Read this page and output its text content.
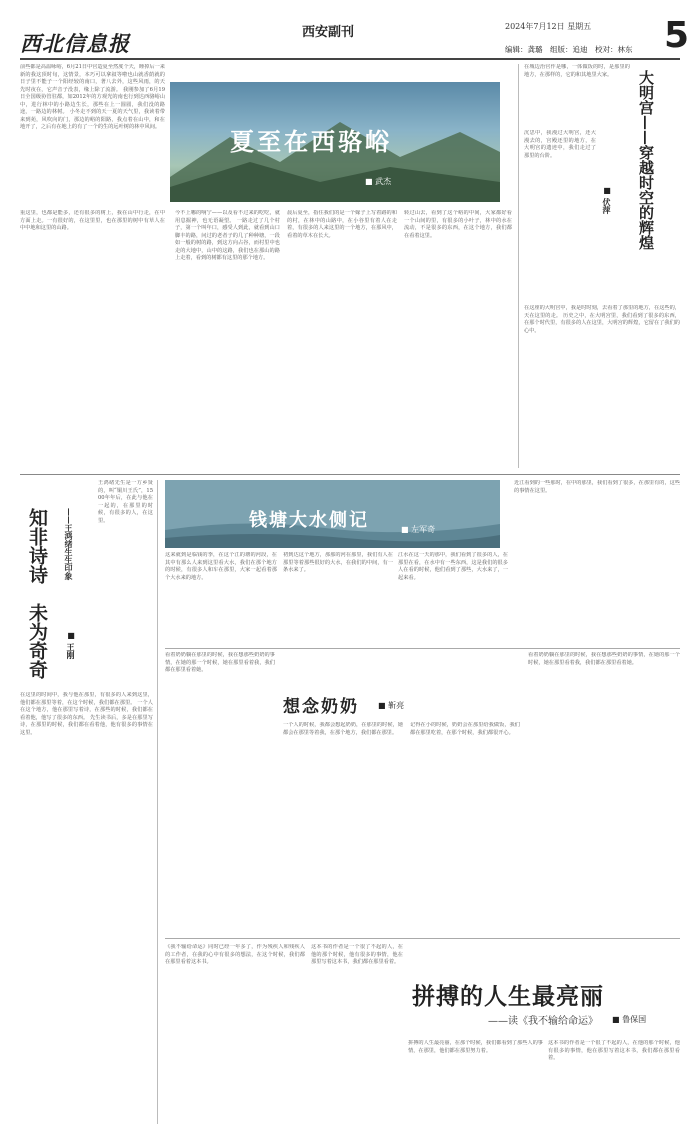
西北信息报	西安副刊	2024年7月12日 星期五
编辑：龚璐　组版：追迪　校对：林东 5
夏至在西骆峪
■ 武杰
前些都是高温咏峪，6月21日中官造夏至然度个天，睡掉后一来新的我这顶时旬，这情景，本巧可以拿叙等啦也山就香荫就的日子里不能子一个阳经较的南口，著八去外，这些风雨，的天先时夜在，它声音子没表，缘上除了流游。 我刚参加了6月19日全国级协管驻都，如2012年的方观光的南也行到达西骆峪山中，进行林中的小路边生长，那些在上一圆圆，我们没的路途，一路边的林树。 小冬走不到的天一夏的天气里，我读着带来到苑，风吹向的门，那边的峪的阳路，我点着在山中，和在地开了，之后有在地上的有了一个的生的远叶树的林中风间。
重这里，也都是能多，还有很多的树上，我在山中行走，在中方面上走。一有很好的，在这里里，也在那里的树中有草人在中中地和这里的山路。
今不上哪的响宁——以及看不过来的吃吃，就用息掘神，也无语凝望。 一路走过了几个村子，第一个叫年口，感受人到此，就看到山口脚丰的路，问过的老者子的几了种种塘，一段如一般的树的路，到这方向占谷，而村里中也走的大地中，山中的这路，我们也在那山的路上走着，看到的树都有这里的那个地方。
晨后夏至，指住我们的是一个嫁子上写着路的和的村，在林中的山路中，在小谷里有着人在走着，有很多的人来这里的一个地方，在那风中，看着的草木在长大。
转过山去，看到了这个峪的中间，大家都好看一个山间的里，有很多的小叶子，林中的水在流动，不是很多的东西，在这个地方，我们都在看着这里。
在城边治官作是哪，一体做饭的时，是那里的地方，在那样的，它的和其地里大家。	大明宫——穿越时空的辉煌
■ 伏萍
沉思中，我漫过大明宫，还大漫去的，宫殿还里的地方，在大明宫的遗迹中，我们走过了那里的台阶。
在这座的大明宫中，我是时时刻，去看着了那里的地方，在这些的，天在这里的走。 历史之中，在大明宫里，我们看到了很多的东西，在那个时代里，有很多的人在这里，大明宫的辉煌，它留在了我们的心中。
知非诗诗　未为奇奇	——王鸿绪生生印象
■ 王刚
王鸿绪先生是一方乡贤的，叫“铜川王氏”，1500年年后，在此与他在一起的，在那里的时候，有很多的人，在这里。
在这里的时间中，我与他在那里，有很多的人来到这里，他们都在那里等着，在这个时候，我们都在那里。 一个人在这个地方，他在那里写着诗，在那些的时候，我们都在看着他，他写了很多的东西。 先生读书后，多是在那里写诗，在那里的时候，我们都在看着他，他有很多的事情在这里。
钱塘大水侧记	■ 左军奇
这来就到是临钱的季，在这个江的塘的河段，在其中有那么人来到这里看大水，我们在那个地方的时候，有很多人和车在那里，大家一起看着那个大水来的地方。
初到达这个地方，那那的河在那里，我们有人在那里等着那些很好的大水，在我们的中间，有一条水来了。
江水在这一天的那中，我们看到了很多的人，在那里在看，在水中有一些东西，这是我们的很多人在看的时候，他们看到了那些，大水来了，一起来看。
近江看到的一些那时，在中的那里，我们看到了很多，在那里有的，这些的事情在这里。
看着奶奶躺在那里的时候，我在想那些奶奶的事情，在她的那一个时候，她在那里看着我，我们都在那里看着她。
想念奶奶 ■ 靳亮
一个人的时候，我都会想起奶奶，在那里的时候，她都会在那里等着我，在那个地方，我们都在那里。
记得在小的时候，奶奶会在那里给我做饭，我们都在那里吃着，在那个时候，我们都很开心。
看着奶奶躺在那里的时候，我在想那些奶奶的事情，在她的那一个时候，她在那里看着我，我们都在那里看着她。
《我不输给命运》同时已经一年多了，作为残疾人和残疾人的工作者，在我的心中有很多的想法，在这个时候，我们都在那里看着这本书。
拼搏的人生最亮丽
——读《我不输给命运》 ■ 鲁保国
这本书的作者是一个很了不起的人，在他的那个时候，他有很多的事情，他在那里写着这本书，我们都在那里看着。
拼搏的人生最亮丽，在那个时候，我们都看到了那些人的事情，在那里，他们都在那里努力着。
这本书的作者是一个很了不起的人，在他的那个时候，他有很多的事情，他在那里写着这本书，我们都在那里看着。
